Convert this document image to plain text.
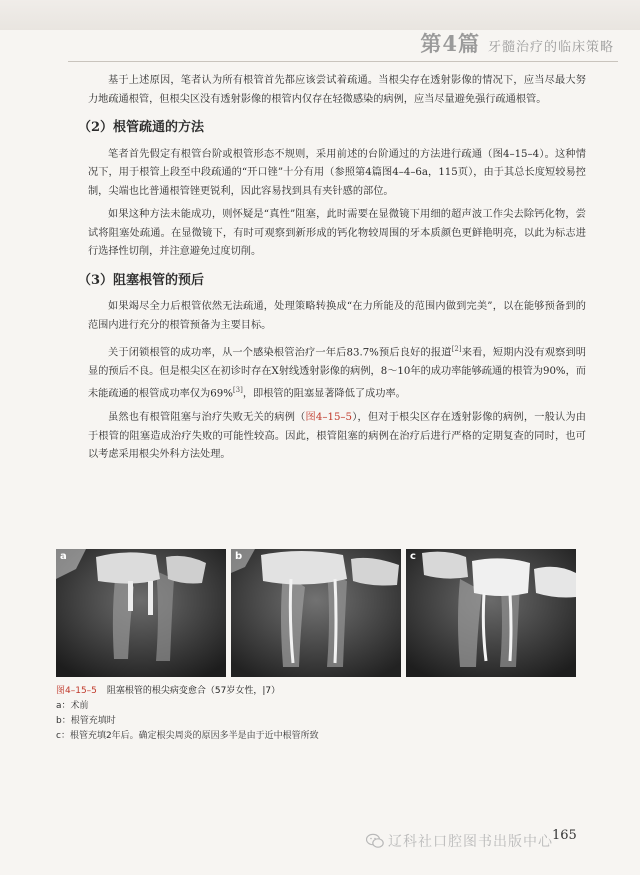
第4篇 牙髓治疗的临床策略

基于上述原因，笔者认为所有根管首先都应该尝试着疏通。当根尖存在透射影像的情况下，应当尽最大努力地疏通根管，但根尖区没有透射影像的根管内仅存在轻微感染的病例，应当尽量避免强行疏通根管。

（2）根管疏通的方法

笔者首先假定有根管台阶或根管形态不规则，采用前述的台阶通过的方法进行疏通（图4–15–4）。这种情况下，用于根管上段至中段疏通的“开口锉”十分有用（参照第4篇图4–4–6a，115页），由于其总长度短较易控制，尖端也比普通根管锉更锐利，因此容易找到具有夹针感的部位。

如果这种方法未能成功，则怀疑是“真性”阻塞，此时需要在显微镜下用细的超声波工作尖去除钙化物，尝试将阻塞处疏通。在显微镜下，有时可观察到新形成的钙化物较周围的牙本质颜色更鲜艳明亮，以此为标志进行选择性切削，并注意避免过度切削。

（3）阻塞根管的预后

如果竭尽全力后根管依然无法疏通，处理策略转换成“在力所能及的范围内做到完美”，以在能够预备到的范围内进行充分的根管预备为主要目标。

关于闭锁根管的成功率，从一个感染根管治疗一年后83.7%预后良好的报道[2]来看，短期内没有观察到明显的预后不良。但是根尖区在初诊时存在X射线透射影像的病例，8～10年的成功率能够疏通的根管为90%，而未能疏通的根管成功率仅为69%[3]，即根管的阻塞显著降低了成功率。

虽然也有根管阻塞与治疗失败无关的病例（图4–15–5），但对于根尖区存在透射影像的病例，一般认为由于根管的阻塞造成治疗失败的可能性较高。因此，根管阻塞的病例在治疗后进行严格的定期复查的同时，也可以考虑采用根尖外科方法处理。

a	b	c
图4–15–5 阻塞根管的根尖病变愈合（57岁女性，|7）
a：术前
b：根管充填时
c：根管充填2年后。确定根尖周炎的原因多半是由于近中根管所致
辽科社口腔图书出版中心 165
